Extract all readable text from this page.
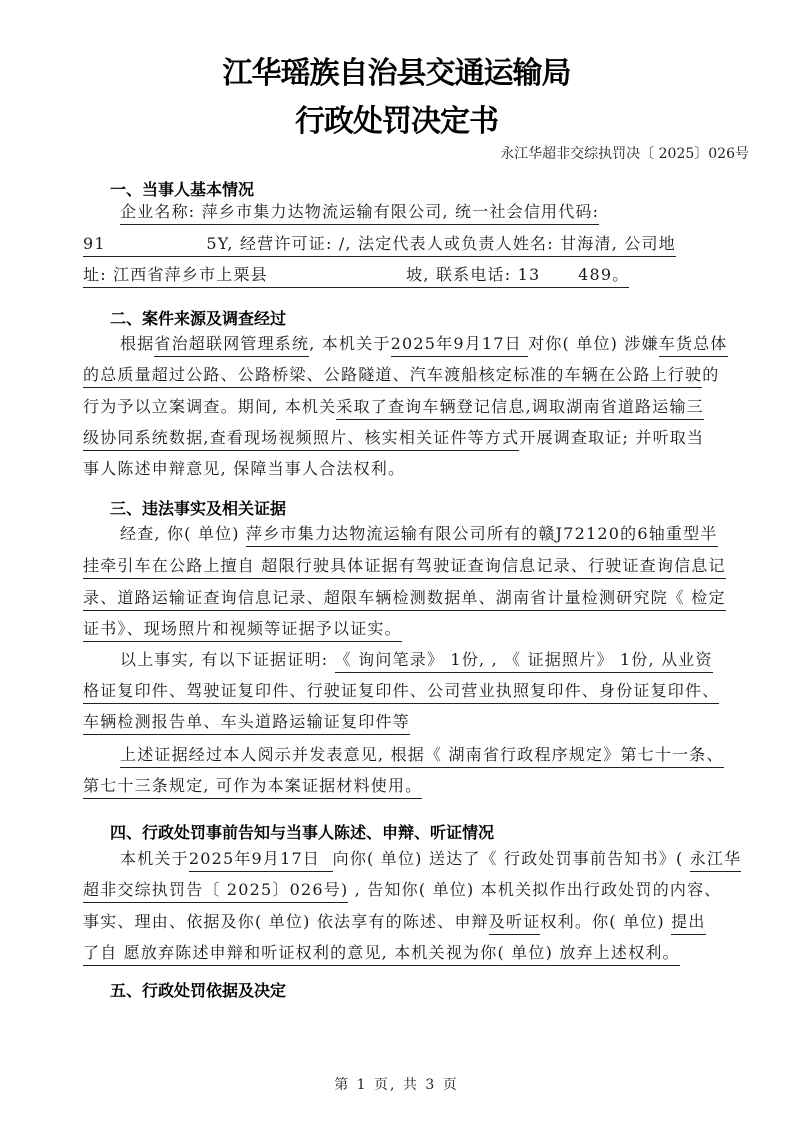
江华瑶族自治县交通运输局
行政处罚决定书
永江华超非交综执罚决〔 2025〕026号
一、当事人基本情况
企业名称: 萍乡市集力达物流运输有限公司, 统一社会信用代码:
91                5Y, 经营许可证: /, 法定代表人或负责人姓名: 甘海清, 公司地
址: 江西省萍乡市上栗县                      坡, 联系电话: 13      489。
二、案件来源及调查经过
根据省治超联网管理系统, 本机关于2025年9月17日 对你( 单位) 涉嫌车货总体
的总质量超过公路、公路桥梁、公路隧道、汽车渡船核定标准的车辆在公路上行驶的
行为予以立案调查。期间, 本机关采取了查询车辆登记信息,调取湖南省道路运输三
级协同系统数据,查看现场视频照片、核实相关证件等方式开展调查取证; 并听取当
事人陈述申辩意见, 保障当事人合法权利。
三、违法事实及相关证据
经查, 你( 单位) 萍乡市集力达物流运输有限公司所有的赣J72120的6轴重型半
挂牵引车在公路上擅自 超限行驶具体证据有驾驶证查询信息记录、行驶证查询信息记
录、道路运输证查询信息记录、超限车辆检测数据单、湖南省计量检测研究院《 检定
证书》、现场照片和视频等证据予以证实。
以上事实, 有以下证据证明: 《 询问笔录》 1份, , 《 证据照片》 1份, 从业资
格证复印件、驾驶证复印件、行驶证复印件、公司营业执照复印件、身份证复印件、
车辆检测报告单、车头道路运输证复印件等
上述证据经过本人阅示并发表意见, 根据《 湖南省行政程序规定》第七十一条、
第七十三条规定, 可作为本案证据材料使用。
四、行政处罚事前告知与当事人陈述、申辩、听证情况
本机关于2025年9月17日  向你( 单位) 送达了《 行政处罚事前告知书》( 永江华
超非交综执罚告〔 2025〕026号) , 告知你( 单位) 本机关拟作出行政处罚的内容、
事实、理由、依据及你( 单位) 依法享有的陈述、申辩及听证权利。你( 单位) 提出
了自 愿放弃陈述申辩和听证权利的意见, 本机关视为你( 单位) 放弃上述权利。
五、行政处罚依据及决定
第 1 页, 共 3 页
